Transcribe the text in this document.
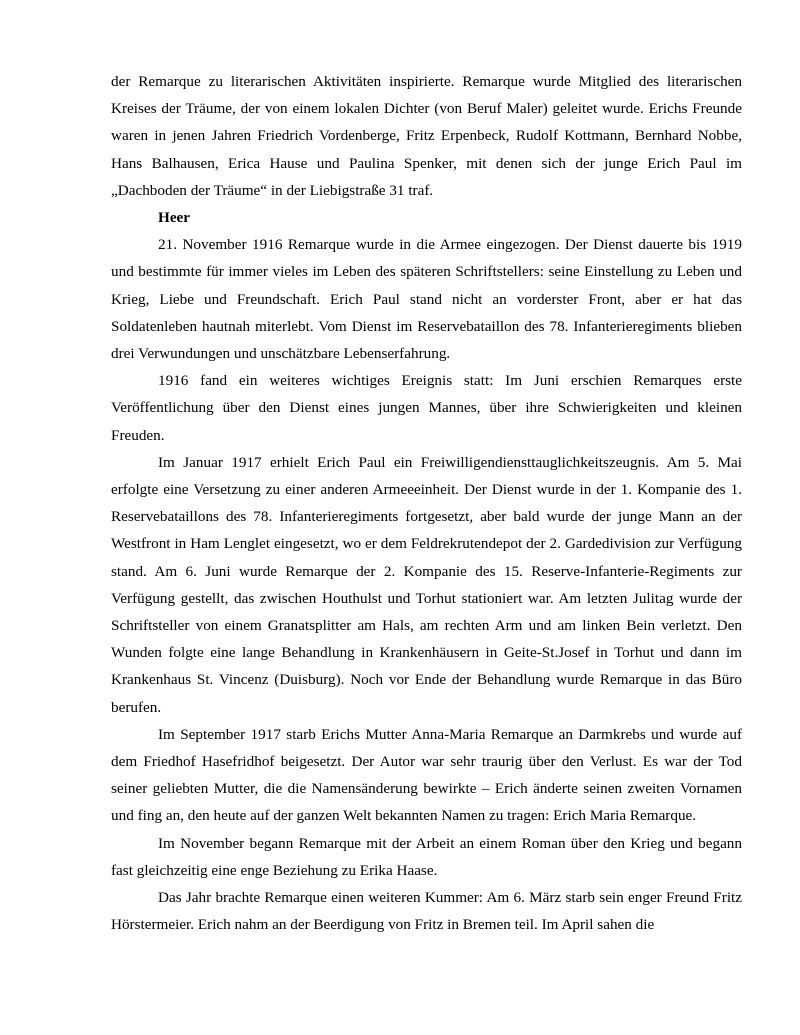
der Remarque zu literarischen Aktivitäten inspirierte. Remarque wurde Mitglied des literarischen Kreises der Träume, der von einem lokalen Dichter (von Beruf Maler) geleitet wurde. Erichs Freunde waren in jenen Jahren Friedrich Vordenberge, Fritz Erpenbeck, Rudolf Kottmann, Bernhard Nobbe, Hans Balhausen, Erica Hause und Paulina Spenker, mit denen sich der junge Erich Paul im „Dachboden der Träume“ in der Liebigstraße 31 traf.

Heer

21. November 1916 Remarque wurde in die Armee eingezogen. Der Dienst dauerte bis 1919 und bestimmte für immer vieles im Leben des späteren Schriftstellers: seine Einstellung zu Leben und Krieg, Liebe und Freundschaft. Erich Paul stand nicht an vorderster Front, aber er hat das Soldatenleben hautnah miterlebt. Vom Dienst im Reservebataillon des 78. Infanterieregiments blieben drei Verwundungen und unschätzbare Lebenserfahrung.

1916 fand ein weiteres wichtiges Ereignis statt: Im Juni erschien Remarques erste Veröffentlichung über den Dienst eines jungen Mannes, über ihre Schwierigkeiten und kleinen Freuden.

Im Januar 1917 erhielt Erich Paul ein Freiwilligendiensttauglichkeitszeugnis. Am 5. Mai erfolgte eine Versetzung zu einer anderen Armeeeinheit. Der Dienst wurde in der 1. Kompanie des 1. Reservebataillons des 78. Infanterieregiments fortgesetzt, aber bald wurde der junge Mann an der Westfront in Ham Lenglet eingesetzt, wo er dem Feldrekrutendepot der 2. Gardedivision zur Verfügung stand. Am 6. Juni wurde Remarque der 2. Kompanie des 15. Reserve-Infanterie-Regiments zur Verfügung gestellt, das zwischen Houthulst und Torhut stationiert war. Am letzten Julitag wurde der Schriftsteller von einem Granatsplitter am Hals, am rechten Arm und am linken Bein verletzt. Den Wunden folgte eine lange Behandlung in Krankenhäusern in Geite-St.Josef in Torhut und dann im Krankenhaus St. Vincenz (Duisburg). Noch vor Ende der Behandlung wurde Remarque in das Büro berufen.

Im September 1917 starb Erichs Mutter Anna-Maria Remarque an Darmkrebs und wurde auf dem Friedhof Hasefridhof beigesetzt. Der Autor war sehr traurig über den Verlust. Es war der Tod seiner geliebten Mutter, die die Namensänderung bewirkte – Erich änderte seinen zweiten Vornamen und fing an, den heute auf der ganzen Welt bekannten Namen zu tragen: Erich Maria Remarque.

Im November begann Remarque mit der Arbeit an einem Roman über den Krieg und begann fast gleichzeitig eine enge Beziehung zu Erika Haase.

Das Jahr brachte Remarque einen weiteren Kummer: Am 6. März starb sein enger Freund Fritz Hörstermeier. Erich nahm an der Beerdigung von Fritz in Bremen teil. Im April sahen die
